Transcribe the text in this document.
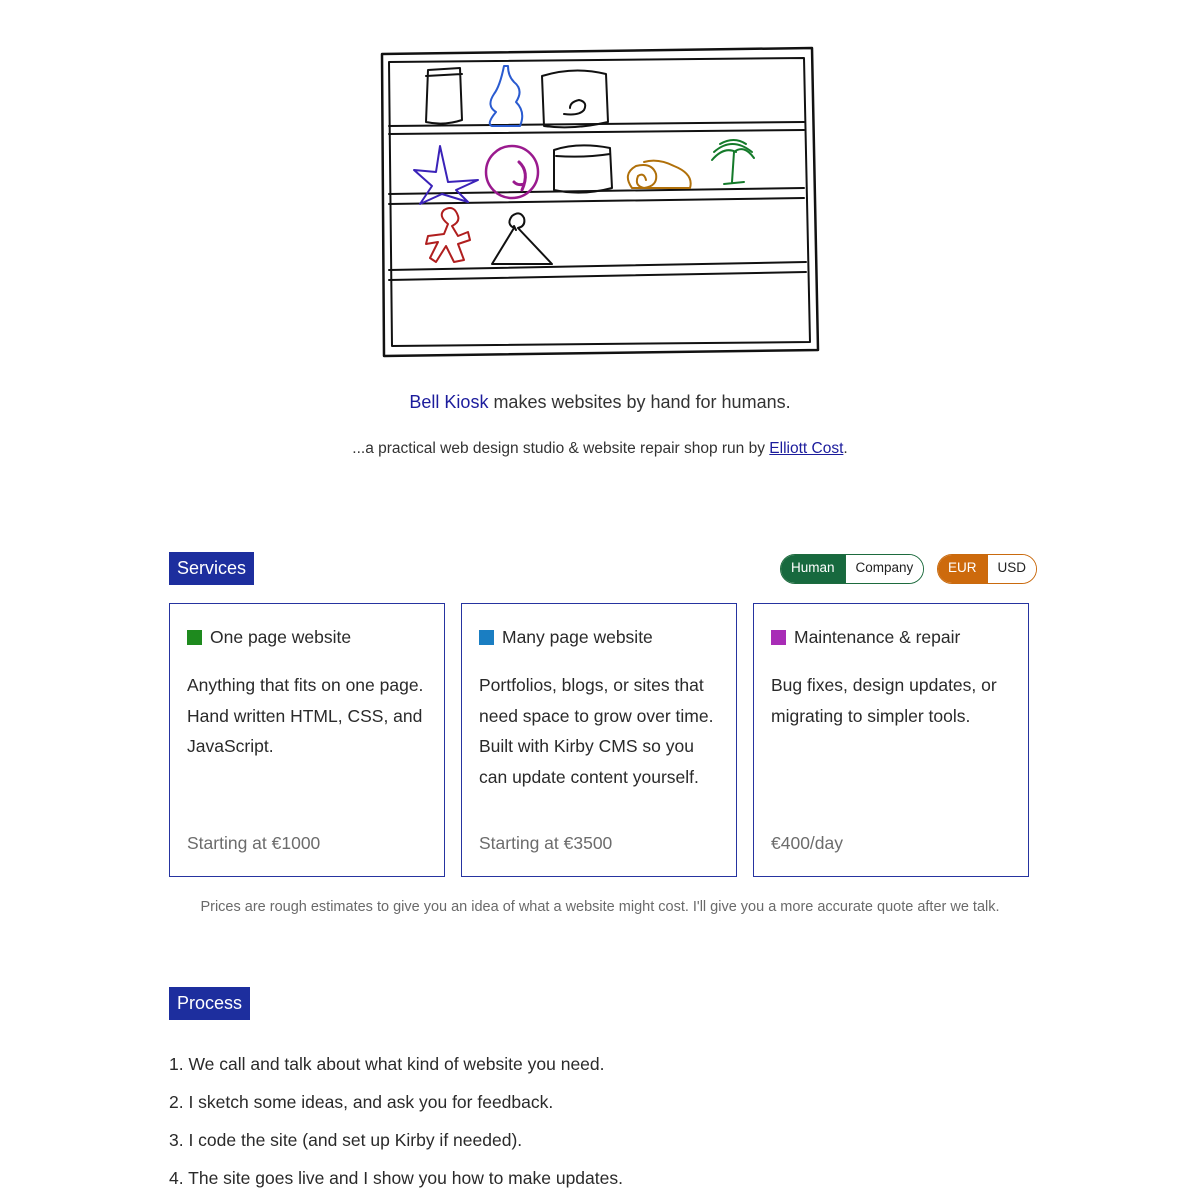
Bell Kiosk makes websites by hand for humans.
...a practical web design studio & website repair shop run by Elliott Cost.
Services	Human	Company	EUR	USD
One page website
Anything that fits on one page. Hand written HTML, CSS, and JavaScript.
Starting at €1000
Many page website
Portfolios, blogs, or sites that need space to grow over time. Built with Kirby CMS so you can update content yourself.
Starting at €3500
Maintenance & repair
Bug fixes, design updates, or migrating to simpler tools.
€400/day
Prices are rough estimates to give you an idea of what a website might cost. I'll give you a more accurate quote after we talk.
Process
1. We call and talk about what kind of website you need.
2. I sketch some ideas, and ask you for feedback.
3. I code the site (and set up Kirby if needed).
4. The site goes live and I show you how to make updates.
